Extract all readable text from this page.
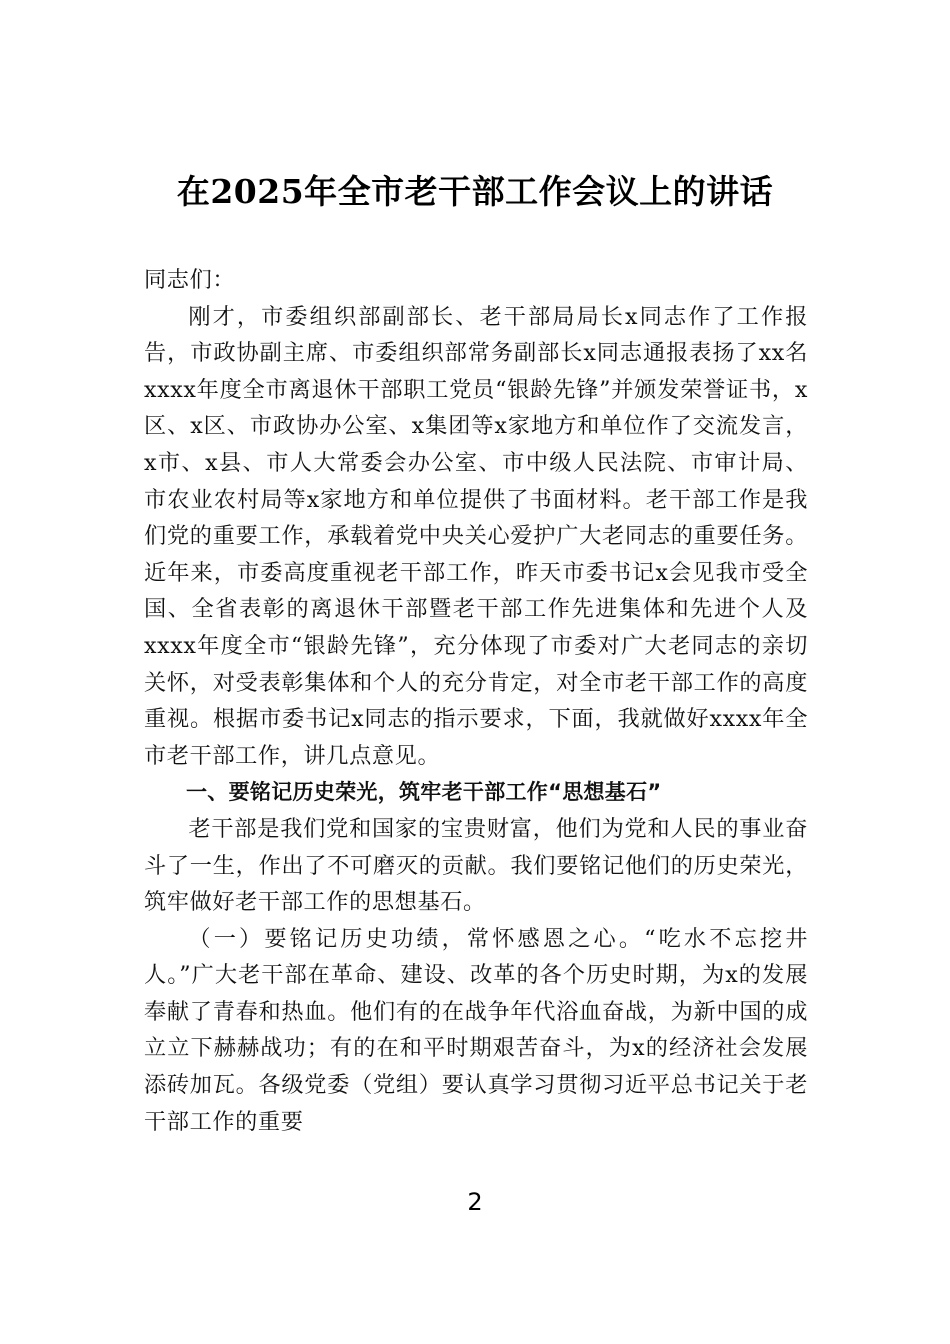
在2025年全市老干部工作会议上的讲话

同志们：

刚才，市委组织部副部长、老干部局局长x同志作了工作报告，市政协副主席、市委组织部常务副部长x同志通报表扬了xx名xxxx年度全市离退休干部职工党员“银龄先锋”并颁发荣誉证书，x区、x区、市政协办公室、x集团等x家地方和单位作了交流发言，x市、x县、市人大常委会办公室、市中级人民法院、市审计局、市农业农村局等x家地方和单位提供了书面材料。老干部工作是我们党的重要工作，承载着党中央关心爱护广大老同志的重要任务。近年来，市委高度重视老干部工作，昨天市委书记x会见我市受全国、全省表彰的离退休干部暨老干部工作先进集体和先进个人及xxxx年度全市“银龄先锋”，充分体现了市委对广大老同志的亲切关怀，对受表彰集体和个人的充分肯定，对全市老干部工作的高度重视。根据市委书记x同志的指示要求，下面，我就做好xxxx年全市老干部工作，讲几点意见。

一、要铭记历史荣光，筑牢老干部工作“思想基石”

老干部是我们党和国家的宝贵财富，他们为党和人民的事业奋斗了一生，作出了不可磨灭的贡献。我们要铭记他们的历史荣光，筑牢做好老干部工作的思想基石。

（一）要铭记历史功绩，常怀感恩之心。“吃水不忘挖井人。”广大老干部在革命、建设、改革的各个历史时期，为x的发展奉献了青春和热血。他们有的在战争年代浴血奋战，为新中国的成立立下赫赫战功；有的在和平时期艰苦奋斗，为x的经济社会发展添砖加瓦。各级党委（党组）要认真学习贯彻习近平总书记关于老干部工作的重要

2
